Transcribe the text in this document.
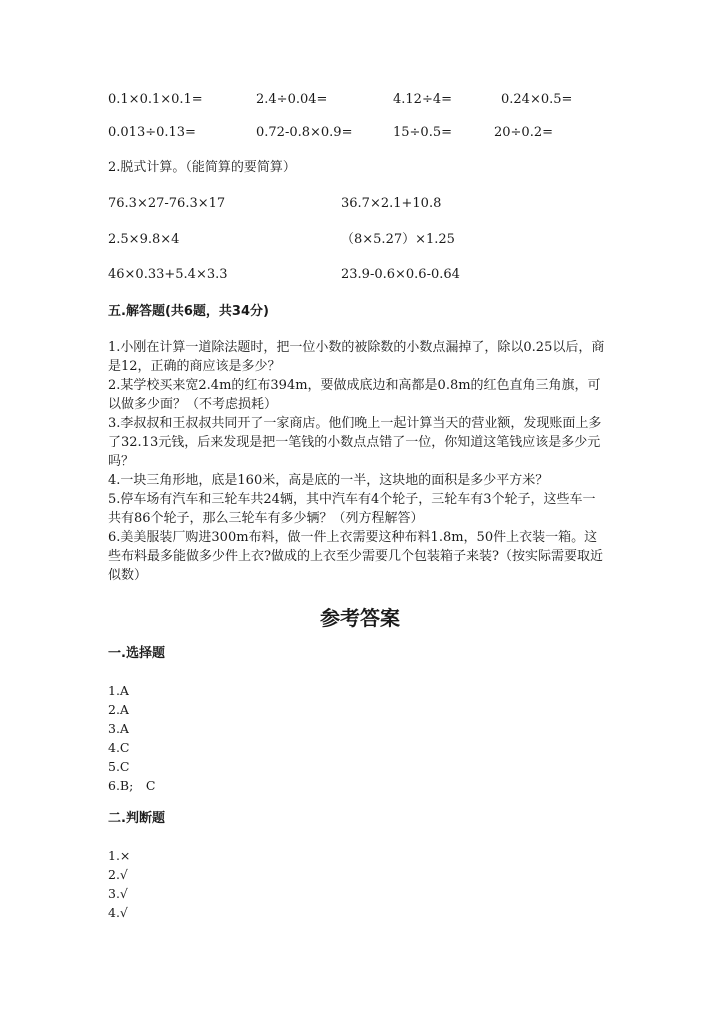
0.1×0.1×0.1=	2.4÷0.04=	4.12÷4=	0.24×0.5=
0.013÷0.13=	0.72-0.8×0.9=	15÷0.5=	20÷0.2=
2.脱式计算。（能简算的要简算）
76.3×27-76.3×17	36.7×2.1+10.8
2.5×9.8×4	（8×5.27）×1.25
46×0.33+5.4×3.3	23.9-0.6×0.6-0.64
五.解答题(共6题，共34分)

1.小刚在计算一道除法题时，把一位小数的被除数的小数点漏掉了，除以0.25以后，商是12，正确的商应该是多少？

2.某学校买来宽2.4m的红布394m，要做成底边和高都是0.8m的红色直角三角旗，可以做多少面？（不考虑损耗）

3.李叔叔和王叔叔共同开了一家商店。他们晚上一起计算当天的营业额，发现账面上多了32.13元钱，后来发现是把一笔钱的小数点点错了一位，你知道这笔钱应该是多少元吗？

4.一块三角形地，底是160米，高是底的一半，这块地的面积是多少平方米？

5.停车场有汽车和三轮车共24辆，其中汽车有4个轮子，三轮车有3个轮子，这些车一共有86个轮子，那么三轮车有多少辆？（列方程解答）

6.美美服装厂购进300m布料，做一件上衣需要这种布料1.8m，50件上衣装一箱。这些布料最多能做多少件上衣?做成的上衣至少需要几个包装箱子来装?（按实际需要取近似数）

参考答案
一.选择题
1.A
2.A
3.A
4.C
5.C
6.B;　C
二.判断题
1.×
2.√
3.√
4.√
